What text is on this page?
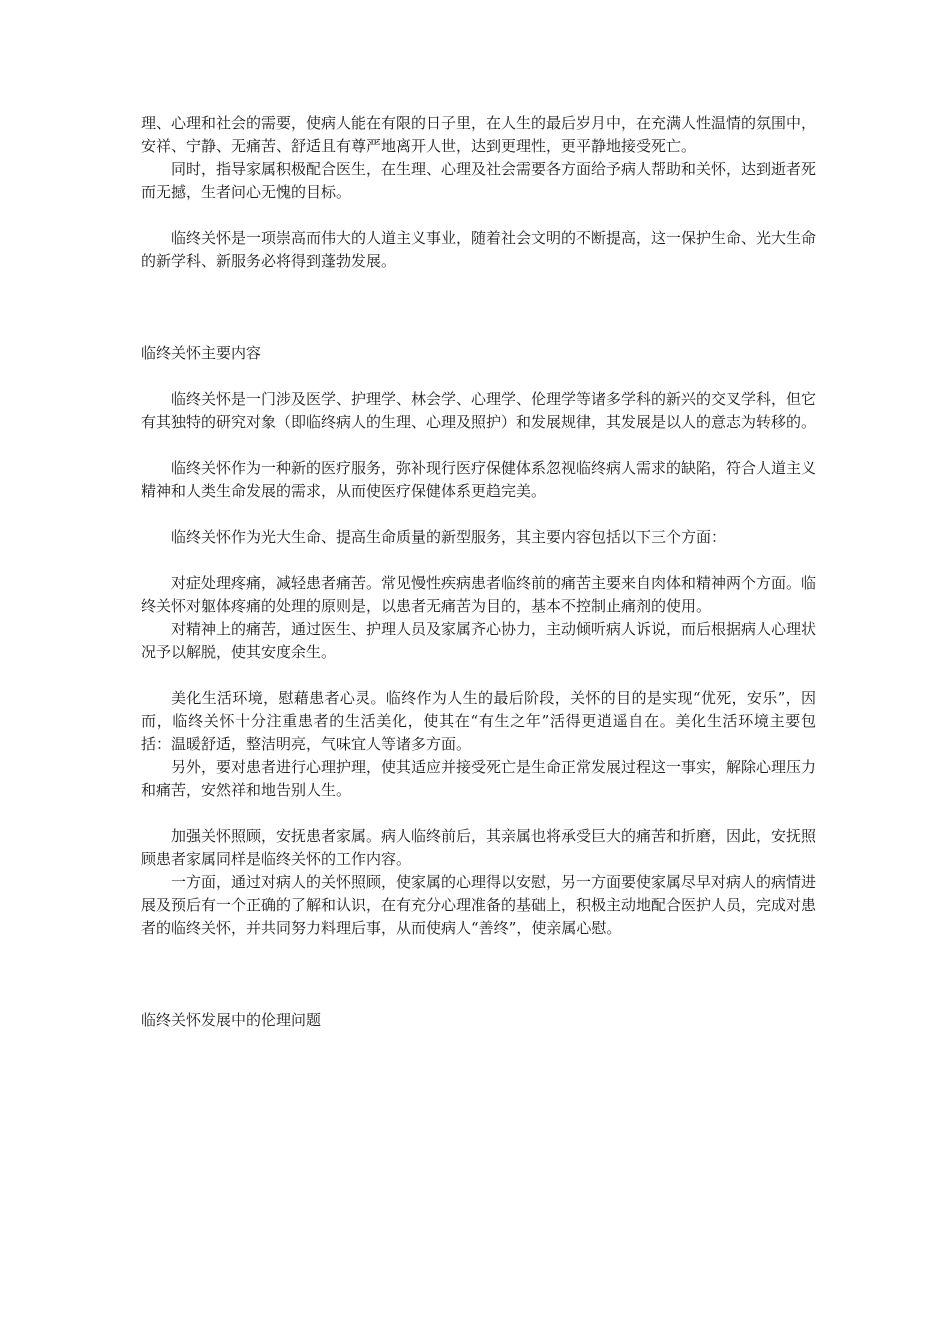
理、心理和社会的需要，使病人能在有限的日子里，在人生的最后岁月中，在充满人性温情的氛围中，安祥、宁静、无痛苦、舒适且有尊严地离开人世，达到更理性，更平静地接受死亡。

同时，指导家属积极配合医生，在生理、心理及社会需要各方面给予病人帮助和关怀，达到逝者死而无撼，生者问心无愧的目标。

临终关怀是一项崇高而伟大的人道主义事业，随着社会文明的不断提高，这一保护生命、光大生命的新学科、新服务必将得到蓬勃发展。

临终关怀主要内容

临终关怀是一门涉及医学、护理学、林会学、心理学、伦理学等诸多学科的新兴的交叉学科，但它有其独特的研究对象（即临终病人的生理、心理及照护）和发展规律，其发展是以人的意志为转移的。

临终关怀作为一种新的医疗服务，弥补现行医疗保健体系忽视临终病人需求的缺陷，符合人道主义精神和人类生命发展的需求，从而使医疗保健体系更趋完美。

临终关怀作为光大生命、提高生命质量的新型服务，其主要内容包括以下三个方面：

对症处理疼痛，减轻患者痛苦。常见慢性疾病患者临终前的痛苦主要来自肉体和精神两个方面。临终关怀对躯体疼痛的处理的原则是，以患者无痛苦为目的，基本不控制止痛剂的使用。

对精神上的痛苦，通过医生、护理人员及家属齐心协力，主动倾听病人诉说，而后根据病人心理状况予以解脱，使其安度余生。

美化生活环境，慰藉患者心灵。临终作为人生的最后阶段，关怀的目的是实现“优死，安乐”，因而，临终关怀十分注重患者的生活美化，使其在“有生之年”活得更逍遥自在。美化生活环境主要包括：温暖舒适，整洁明亮，气味宜人等诸多方面。

另外，要对患者进行心理护理，使其适应并接受死亡是生命正常发展过程这一事实，解除心理压力和痛苦，安然祥和地告别人生。

加强关怀照顾，安抚患者家属。病人临终前后，其亲属也将承受巨大的痛苦和折磨，因此，安抚照顾患者家属同样是临终关怀的工作内容。

一方面，通过对病人的关怀照顾，使家属的心理得以安慰，另一方面要使家属尽早对病人的病情进展及预后有一个正确的了解和认识，在有充分心理准备的基础上，积极主动地配合医护人员，完成对患者的临终关怀，并共同努力料理后事，从而使病人“善终”，使亲属心慰。

临终关怀发展中的伦理问题
